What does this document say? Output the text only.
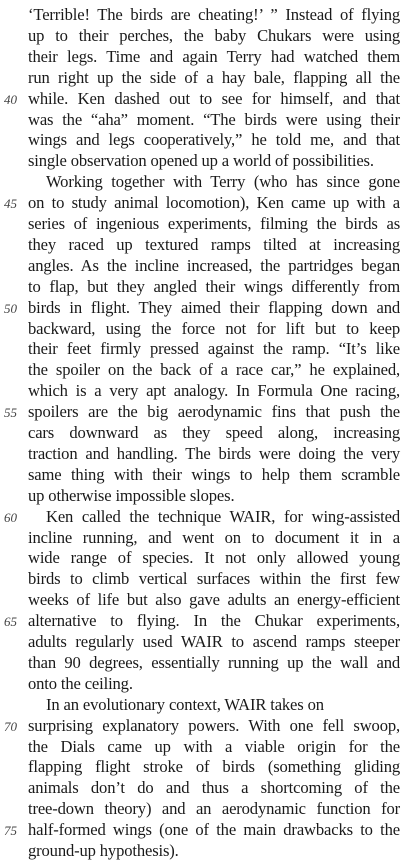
‘Terrible! The birds are cheating!’ ” Instead of flying
up to their perches, the baby Chukars were using
their legs. Time and again Terry had watched them
run right up the side of a hay bale, flapping all the
while. Ken dashed out to see for himself, and that
40
was the “aha” moment. “The birds were using their
wings and legs cooperatively,” he told me, and that
single observation opened up a world of possibilities.
Working together with Terry (who has since gone
on to study animal locomotion), Ken came up with a
45
series of ingenious experiments, filming the birds as
they raced up textured ramps tilted at increasing
angles. As the incline increased, the partridges began
to flap, but they angled their wings differently from
birds in flight. They aimed their flapping down and
50
backward, using the force not for lift but to keep
their feet firmly pressed against the ramp. “It’s like
the spoiler on the back of a race car,” he explained,
which is a very apt analogy. In Formula One racing,
spoilers are the big aerodynamic fins that push the
55
cars downward as they speed along, increasing
traction and handling. The birds were doing the very
same thing with their wings to help them scramble
up otherwise impossible slopes.
Ken called the technique WAIR, for wing-assisted
60
incline running, and went on to document it in a
wide range of species. It not only allowed young
birds to climb vertical surfaces within the first few
weeks of life but also gave adults an energy-efficient
alternative to flying. In the Chukar experiments,
65
adults regularly used WAIR to ascend ramps steeper
than 90 degrees, essentially running up the wall and
onto the ceiling.
In an evolutionary context, WAIR takes on
surprising explanatory powers. With one fell swoop,
70
the Dials came up with a viable origin for the
flapping flight stroke of birds (something gliding
animals don’t do and thus a shortcoming of the
tree-down theory) and an aerodynamic function for
half-formed wings (one of the main drawbacks to the
75
ground-up hypothesis).
